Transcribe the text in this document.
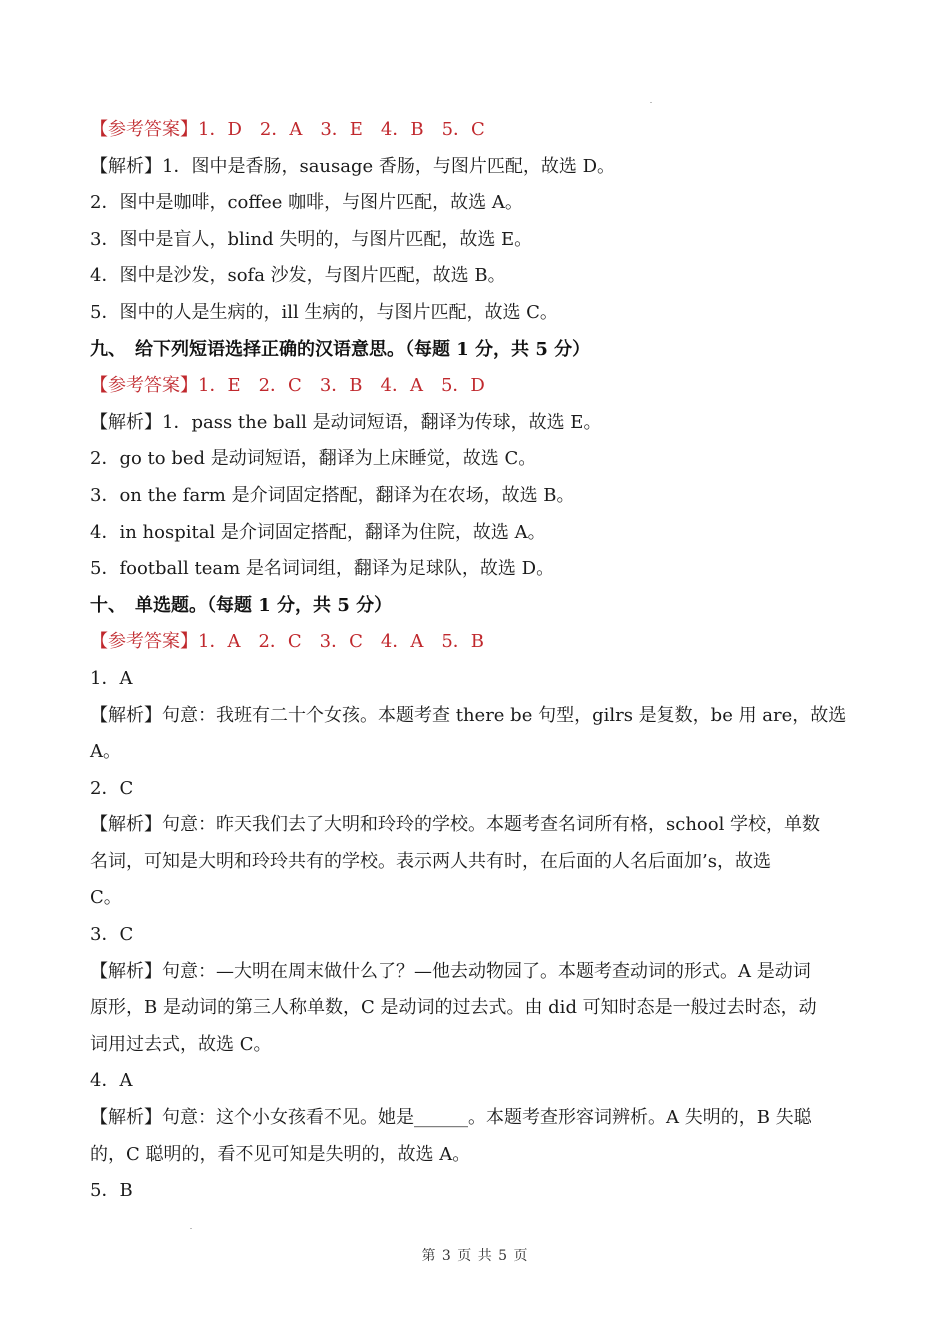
【参考答案】1．D　2．A　3．E　4．B　5．C

【解析】1．图中是香肠，sausage 香肠，与图片匹配，故选 D。

2．图中是咖啡，coffee 咖啡，与图片匹配，故选 A。

3．图中是盲人，blind 失明的，与图片匹配，故选 E。

4．图中是沙发，sofa 沙发，与图片匹配，故选 B。

5．图中的人是生病的，ill 生病的，与图片匹配，故选 C。

九、　给下列短语选择正确的汉语意思。（每题 1 分，共 5 分）

【参考答案】1．E　2．C　3．B　4．A　5．D

【解析】1．pass the ball 是动词短语，翻译为传球，故选 E。

2．go to bed 是动词短语，翻译为上床睡觉，故选 C。

3．on the farm 是介词固定搭配，翻译为在农场，故选 B。

4．in hospital 是介词固定搭配，翻译为住院，故选 A。

5．football team 是名词词组，翻译为足球队，故选 D。

十、　单选题。（每题 1 分，共 5 分）

【参考答案】1．A　2．C　3．C　4．A　5．B

1．A

【解析】句意：我班有二十个女孩。本题考查 there be 句型，gilrs 是复数，be 用 are，故选

A。

2．C

【解析】句意：昨天我们去了大明和玲玲的学校。本题考查名词所有格，school 学校，单数

名词，可知是大明和玲玲共有的学校。表示两人共有时，在后面的人名后面加’s，故选

C。

3．C

【解析】句意：—大明在周末做什么了？—他去动物园了。本题考查动词的形式。A 是动词

原形，B 是动词的第三人称单数，C 是动词的过去式。由 did 可知时态是一般过去时态，动

词用过去式，故选 C。

4．A

【解析】句意：这个小女孩看不见。她是______。本题考查形容词辨析。A 失明的，B 失聪

的，C 聪明的，看不见可知是失明的，故选 A。

5．B

第 3 页 共 5 页
